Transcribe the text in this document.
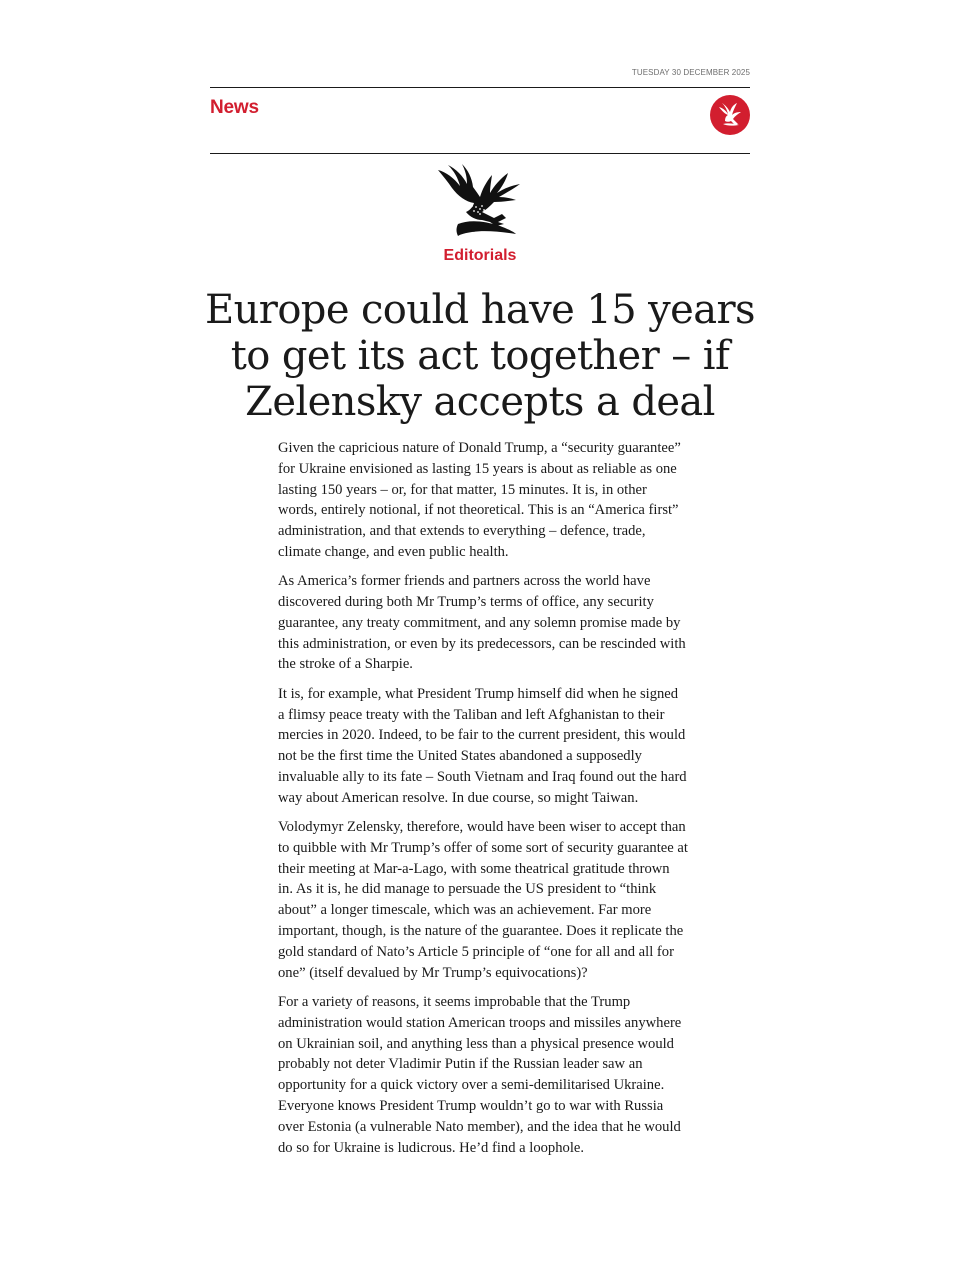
TUESDAY 30 DECEMBER 2025
News
Editorials
Europe could have 15 years to get its act together – if Zelensky accepts a deal

Given the capricious nature of Donald Trump, a “security guarantee” for Ukraine envisioned as lasting 15 years is about as reliable as one lasting 150 years – or, for that matter, 15 minutes. It is, in other words, entirely notional, if not theoretical. This is an “America first” administration, and that extends to everything – defence, trade, climate change, and even public health.

As America’s former friends and partners across the world have discovered during both Mr Trump’s terms of office, any security guarantee, any treaty commitment, and any solemn promise made by this administration, or even by its predecessors, can be rescinded with the stroke of a Sharpie.

It is, for example, what President Trump himself did when he signed a flimsy peace treaty with the Taliban and left Afghanistan to their mercies in 2020. Indeed, to be fair to the current president, this would not be the first time the United States abandoned a supposedly invaluable ally to its fate – South Vietnam and Iraq found out the hard way about American resolve. In due course, so might Taiwan.

Volodymyr Zelensky, therefore, would have been wiser to accept than to quibble with Mr Trump’s offer of some sort of security guarantee at their meeting at Mar-a-Lago, with some theatrical gratitude thrown in. As it is, he did manage to persuade the US president to “think about” a longer timescale, which was an achievement. Far more important, though, is the nature of the guarantee. Does it replicate the gold standard of Nato’s Article 5 principle of “one for all and all for one” (itself devalued by Mr Trump’s equivocations)?

For a variety of reasons, it seems improbable that the Trump administration would station American troops and missiles anywhere on Ukrainian soil, and anything less than a physical presence would probably not deter Vladimir Putin if the Russian leader saw an opportunity for a quick victory over a semi-demilitarised Ukraine. Everyone knows President Trump wouldn’t go to war with Russia over Estonia (a vulnerable Nato member), and the idea that he would do so for Ukraine is ludicrous. He’d find a loophole.
